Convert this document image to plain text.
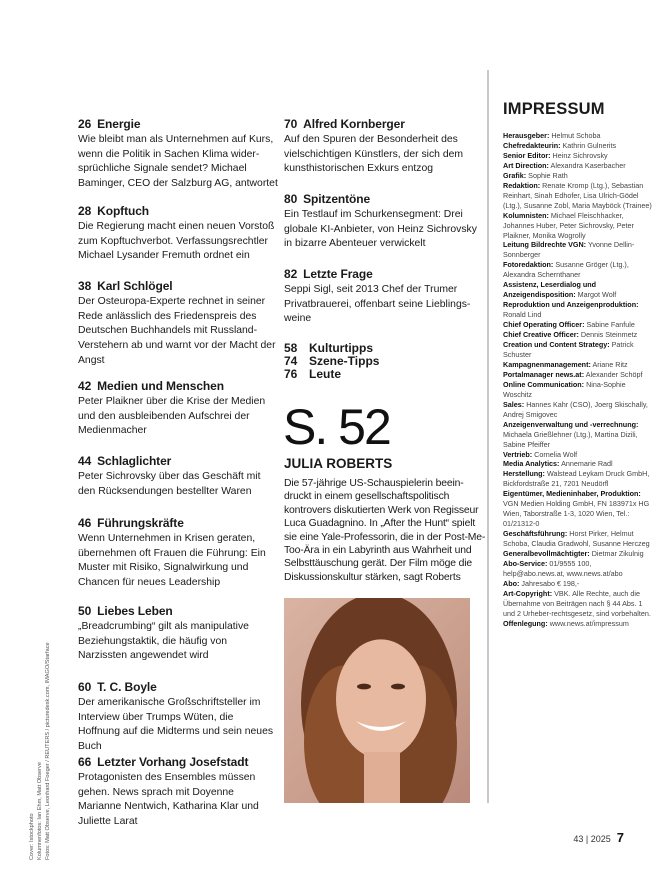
58 Kulturtipps
74 Szene-Tipps
76 Leute
S. 52
JULIA ROBERTS
Die 57-jährige US-Schauspielerin beein-druckt in einem gesellschaftspolitisch kontrovers diskutierten Werk von Regisseur Luca Guadagnino. In „After the Hunt“ spielt sie eine Yale-Professorin, die in der Post-Me-Too-Ära in ein Labyrinth aus Wahrheit und Selbsttäuschung gerät. Der Film möge die Diskussionskultur stärken, sagt Roberts
IMPRESSUM
Herausgeber: Helmut Schoba
Chefredakteurin: Kathrin Gulnerits
Senior Editor: Heinz Sichrovsky
Art Direction: Alexandra Kaserbacher
Grafik: Sophie Rath
Redaktion: Renate Kromp (Ltg.), Sebastian Reinhart, Sinah Edhofer, Lisa Ulrich-Gödel (Ltg.), Susanne Zobl, Maria Mayböck (Trainee)
Kolumnisten: Michael Fleischhacker, Johannes Huber, Peter Sichrovsky, Peter Plaikner, Monika Wogrolly
Leitung Bildrechte VGN: Yvonne Dellin-Sonnberger
Fotoredaktion: Susanne Gröger (Ltg.), Alexandra Schernthaner
Assistenz, Leserdialog und Anzeigendisposition: Margot Wolf
Reproduktion und Anzeigenproduktion: Ronald Lind
Chief Operating Officer: Sabine Fanfule
Chief Creative Officer: Dennis Steinmetz
Creation und Content Strategy: Patrick Schuster
Kampagnenmanagement: Ariane Ritz
Portalmanager news.at: Alexander Schöpf
Online Communication: Nina-Sophie Woschitz
Sales: Hannes Kahr (CSO), Joerg Skischally, Andrej Smigovec
Anzeigenverwaltung und -verrechnung: Michaela Grießlehner (Ltg.), Martina Dizili, Sabine Pfeiffer
Vertrieb: Cornelia Wolf
Media Analytics: Annemarie Radl
Herstellung: Walstead Leykam Druck GmbH, Bickfordstraße 21, 7201 Neudörfl
Eigentümer, Medieninhaber, Produktion: VGN Medien Holding GmbH, FN 183971x HG Wien, Taborstraße 1-3, 1020 Wien, Tel.: 01/21312-0
Geschäftsführung: Horst Pirker, Helmut Schoba, Claudia Gradwohl, Susanne Herczeg
Generalbevollmächtigter: Dietmar Zikulnig
Abo-Service: 01/9555 100, help@abo.news.at, www.news.at/abo
Abo: Jahresabo € 198,-
Art-Copyright: VBK. Alle Rechte, auch die Übernahme von Beiträgen nach § 44 Abs. 1 und 2 Urheber-rechtsgesetz, sind vorbehalten.
Offenlegung: www.news.at/impressum
Cover: Istockphoto Kolumnenfotos: Ian Ehm, Matt Observe Fotos: Matt Observe, Leonhard Foeger / REUTERS / picturedesk.com, IMAGO/Starface	43 | 2025 7
26 Energie

Wie bleibt man als Unternehmen auf Kurs, wenn die Politik in Sachen Klima wider-sprüchliche Signale sendet? Michael Baminger, CEO der Salzburg AG, antwortet

28 Kopftuch

Die Regierung macht einen neuen Vorstoß zum Kopftuchverbot. Verfassungsrechtler Michael Lysander Fremuth ordnet ein

38 Karl Schlögel

Der Osteuropa-Experte rechnet in seiner Rede anlässlich des Friedenspreis des Deutschen Buchhandels mit Russland-Verstehern ab und warnt vor der Macht der Angst

42 Medien und Menschen

Peter Plaikner über die Krise der Medien und den ausbleibenden Aufschrei der Medienmacher

44 Schlaglichter

Peter Sichrovsky über das Geschäft mit den Rücksendungen bestellter Waren

46 Führungskräfte

Wenn Unternehmen in Krisen geraten, übernehmen oft Frauen die Führung: Ein Muster mit Risiko, Signalwirkung und Chancen für neues Leadership

50 Liebes Leben

„Breadcrumbing“ gilt als manipulative Beziehungstaktik, die häufig von Narzissten angewendet wird

60 T. C. Boyle

Der amerikanische Großschriftsteller im Interview über Trumps Wüten, die Hoffnung auf die Midterms und sein neues Buch

66 Letzter Vorhang Josefstadt

Protagonisten des Ensembles müssen gehen. News sprach mit Doyenne Marianne Nentwich, Katharina Klar und Juliette Larat

70 Alfred Kornberger

Auf den Spuren der Besonderheit des vielschichtigen Künstlers, der sich dem kunsthistorischen Exkurs entzog

80 Spitzentöne

Ein Testlauf im Schurkensegment: Drei globale KI-Anbieter, von Heinz Sichrovsky in bizarre Abenteuer verwickelt

82 Letzte Frage

Seppi Sigl, seit 2013 Chef der Trumer Privatbrauerei, offenbart seine Lieblings-weine
